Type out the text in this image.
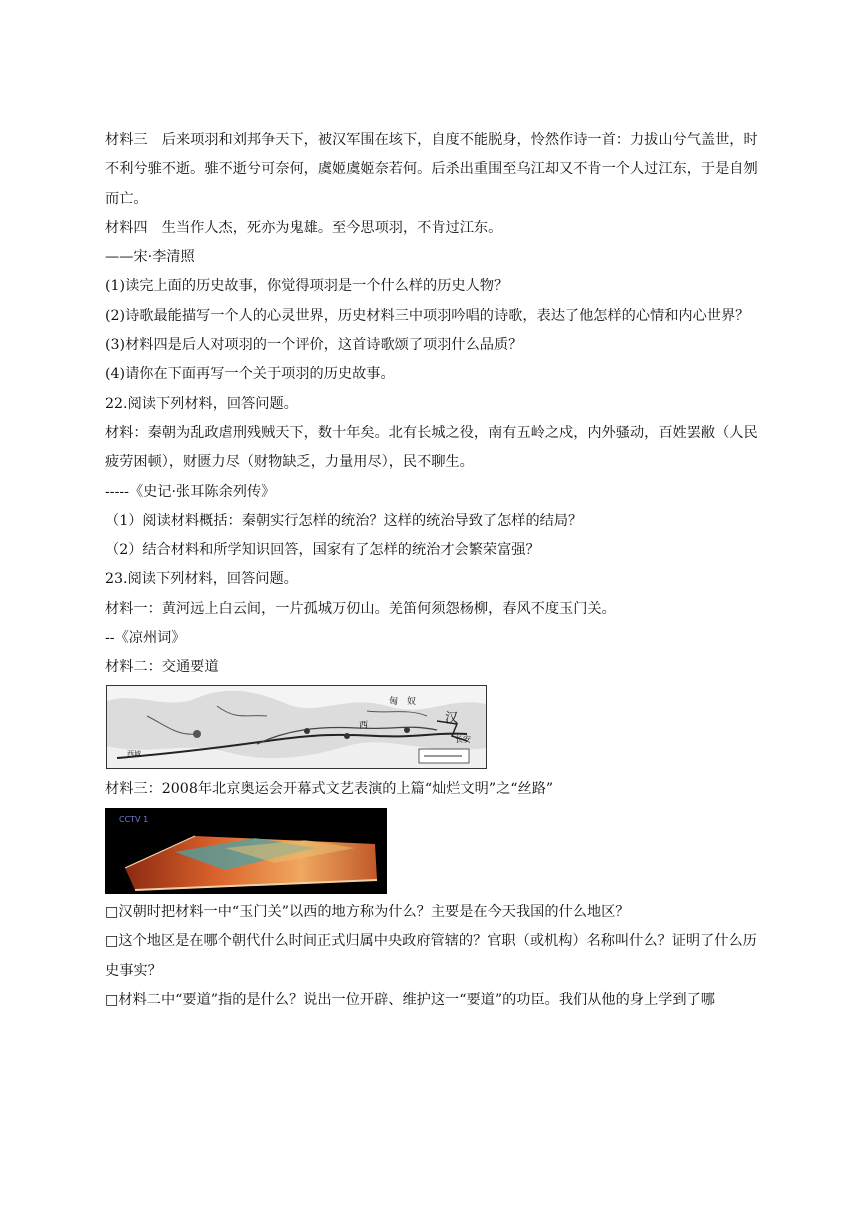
材料三　后来项羽和刘邦争天下，被汉军围在垓下，自度不能脱身，怜然作诗一首：力拔山兮气盖世，时不利兮骓不逝。骓不逝兮可奈何，虞姬虞姬奈若何。后杀出重围至乌江却又不肯一个人过江东，于是自刎而亡。

材料四　生当作人杰，死亦为鬼雄。至今思项羽，不肯过江东。

——宋·李清照

(1)读完上面的历史故事，你觉得项羽是一个什么样的历史人物？

(2)诗歌最能描写一个人的心灵世界，历史材料三中项羽吟唱的诗歌，表达了他怎样的心情和内心世界？

(3)材料四是后人对项羽的一个评价，这首诗歌颂了项羽什么品质？

(4)请你在下面再写一个关于项羽的历史故事。

22.阅读下列材料，回答问题。

材料：秦朝为乱政虐刑残贼天下，数十年矣。北有长城之役，南有五岭之戍，内外骚动，百姓罢敝（人民疲劳困顿），财匮力尽（财物缺乏，力量用尽），民不聊生。

-----《史记·张耳陈余列传》

（1）阅读材料概括：秦朝实行怎样的统治？这样的统治导致了怎样的结局？

（2）结合材料和所学知识回答，国家有了怎样的统治才会繁荣富强？

23.阅读下列材料，回答问题。

材料一：黄河远上白云间，一片孤城万仞山。羌笛何须怨杨柳，春风不度玉门关。

--《凉州词》

材料二：交通要道

匈　奴
汉
长安
西
西域

材料三：2008年北京奥运会开幕式文艺表演的上篇“灿烂文明”之“丝路”

CCTV 1

□汉朝时把材料一中“玉门关”以西的地方称为什么？主要是在今天我国的什么地区？

□这个地区是在哪个朝代什么时间正式归属中央政府管辖的？官职（或机构）名称叫什么？证明了什么历史事实？

□材料二中“要道”指的是什么？说出一位开辟、维护这一“要道”的功臣。我们从他的身上学到了哪
